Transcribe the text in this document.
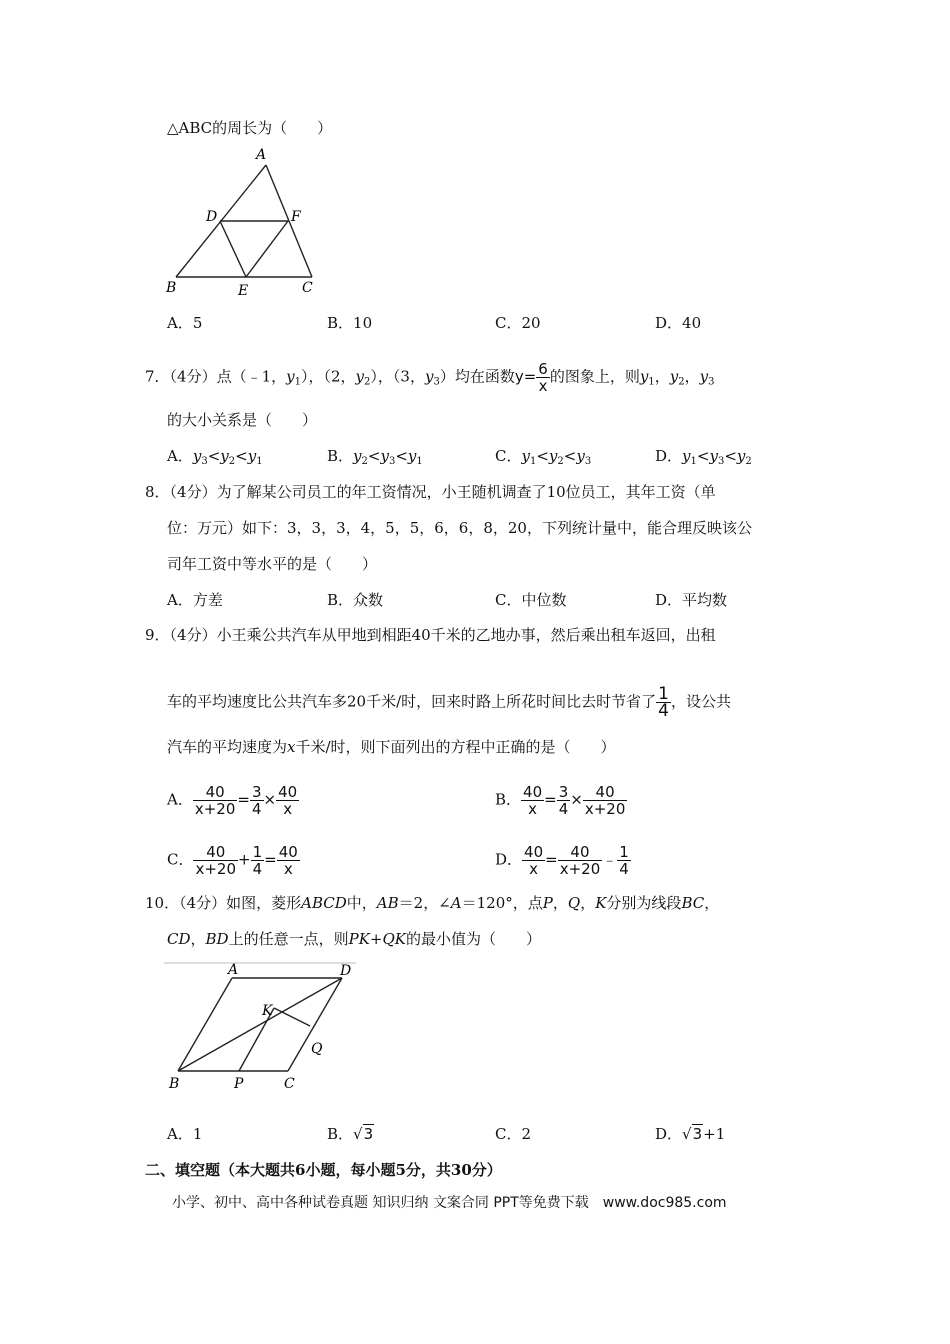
△ABC的周长为（　　）
A
D	F
B	E	C
A．5	B．10	C．20	D．40
7．（4分）点（﹣1，$y_1$），（2，$y_2$），（3，$y_3$）均在函数$y= \frac{6}{x}$ 的图象上，则$y_1$，$y_2$，$y_3$
的大小关系是（　　）
A．$y_3<y_2<y_1$	B．$y_2<y_3<y_1$	C．$y_1<y_2<y_3$	D．$y_1<y_3<y_2$
8．（4分）为了解某公司员工的年工资情况，小王随机调查了10位员工，其年工资（单
位：万元）如下：3，3，3，4，5，5，6，6，8，20，下列统计量中，能合理反映该公
司年工资中等水平的是（　　）
A．方差	B．众数	C．中位数	D．平均数
9．（4分）小王乘公共汽车从甲地到相距40千米的乙地办事，然后乘出租车返回，出租
车的平均速度比公共汽车多20千米/时，回来时路上所花时间比去时节省了 $\frac{1}{4}$ ，设公共
汽车的平均速度为x千米/时，则下面列出的方程中正确的是（　　）
A． $\frac{40}{x+20} = \frac{3}{4} \times \frac{40}{x}$	B． $\frac{40}{x} = \frac{3}{4} \times \frac{40}{x+20}$
C． $\frac{40}{x+20} + \frac{1}{4} = \frac{40}{x}$	D． $\frac{40}{x} = \frac{40}{x+20}$ ﹣ $\frac{1}{4}$
10．（4分）如图，菱形ABCD中，AB＝2，∠A＝120°，点P，Q，K分别为线段BC，
CD，BD上的任意一点，则PK+QK的最小值为（　　）
A	D
K
Q
B	P	C
A．1	B．√3	C．2	D．√3+1
二、填空题（本大题共6小题，每小题5分，共30分）
小学、初中、高中各种试卷真题 知识归纳 文案合同 PPT等免费下载　www.doc985.com
